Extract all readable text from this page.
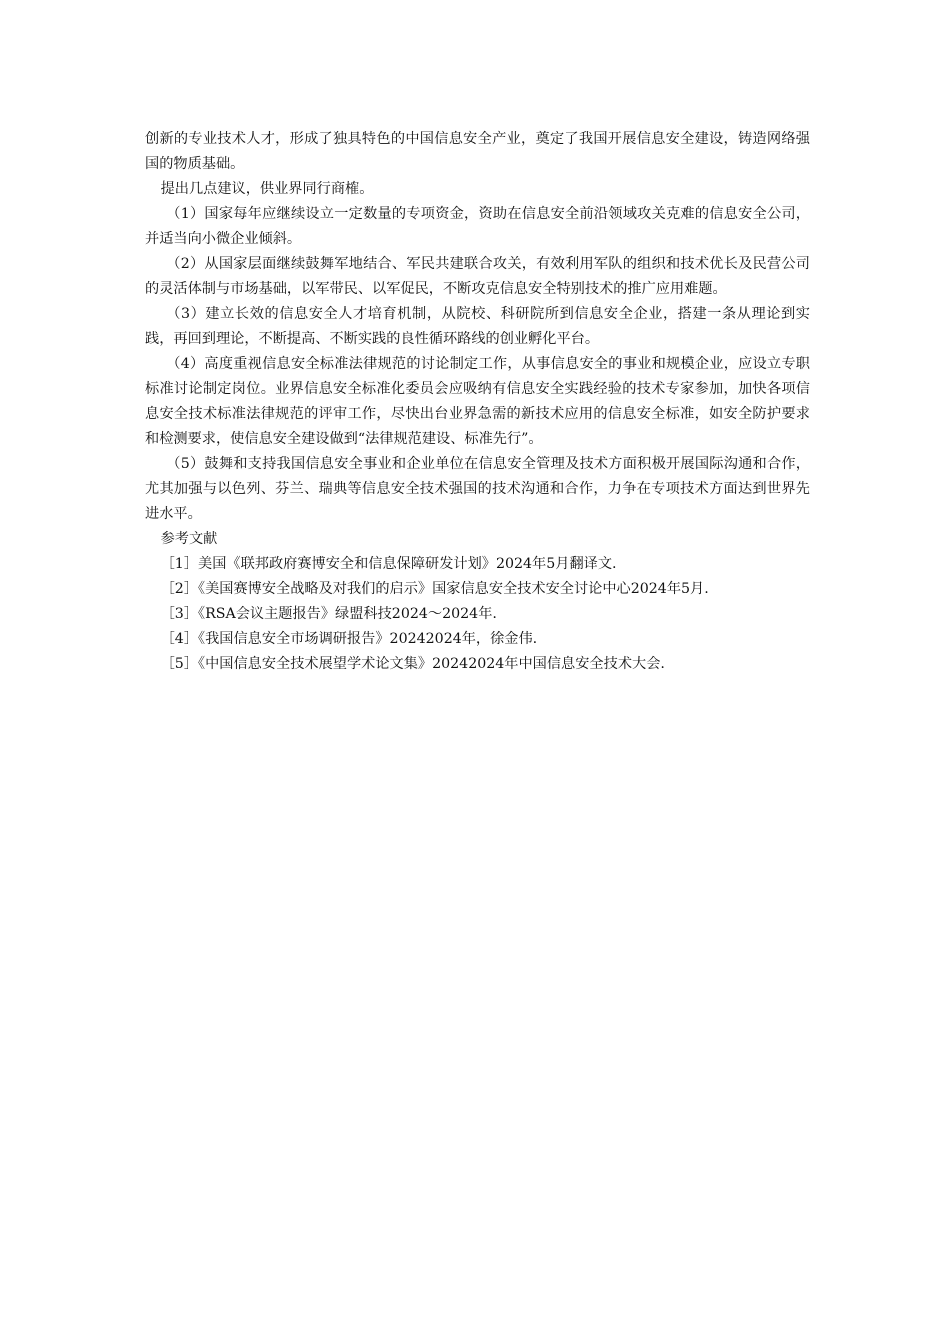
创新的专业技术人才，形成了独具特色的中国信息安全产业，奠定了我国开展信息安全建设，铸造网络强国的物质基础。

提出几点建议，供业界同行商榷。

（1）国家每年应继续设立一定数量的专项资金，资助在信息安全前沿领域攻关克难的信息安全公司，并适当向小微企业倾斜。

（2）从国家层面继续鼓舞军地结合、军民共建联合攻关，有效利用军队的组织和技术优长及民营公司的灵活体制与市场基础，以军带民、以军促民，不断攻克信息安全特别技术的推广应用难题。

（3）建立长效的信息安全人才培育机制，从院校、科研院所到信息安全企业，搭建一条从理论到实践，再回到理论，不断提高、不断实践的良性循环路线的创业孵化平台。

（4）高度重视信息安全标准法律规范的讨论制定工作，从事信息安全的事业和规模企业，应设立专职标准讨论制定岗位。业界信息安全标准化委员会应吸纳有信息安全实践经验的技术专家参加，加快各项信息安全技术标准法律规范的评审工作，尽快出台业界急需的新技术应用的信息安全标准，如安全防护要求和检测要求，使信息安全建设做到“法律规范建设、标准先行”。

（5）鼓舞和支持我国信息安全事业和企业单位在信息安全管理及技术方面积极开展国际沟通和合作，尤其加强与以色列、芬兰、瑞典等信息安全技术强国的技术沟通和合作，力争在专项技术方面达到世界先进水平。

参考文献

［1］美国《联邦政府赛博安全和信息保障研发计划》2024年5月翻译文.

［2］《美国赛博安全战略及对我们的启示》国家信息安全技术安全讨论中心2024年5月.

［3］《RSA会议主题报告》绿盟科技2024～2024年.

［4］《我国信息安全市场调研报告》20242024年，徐金伟.

［5］《中国信息安全技术展望学术论文集》20242024年中国信息安全技术大会.
